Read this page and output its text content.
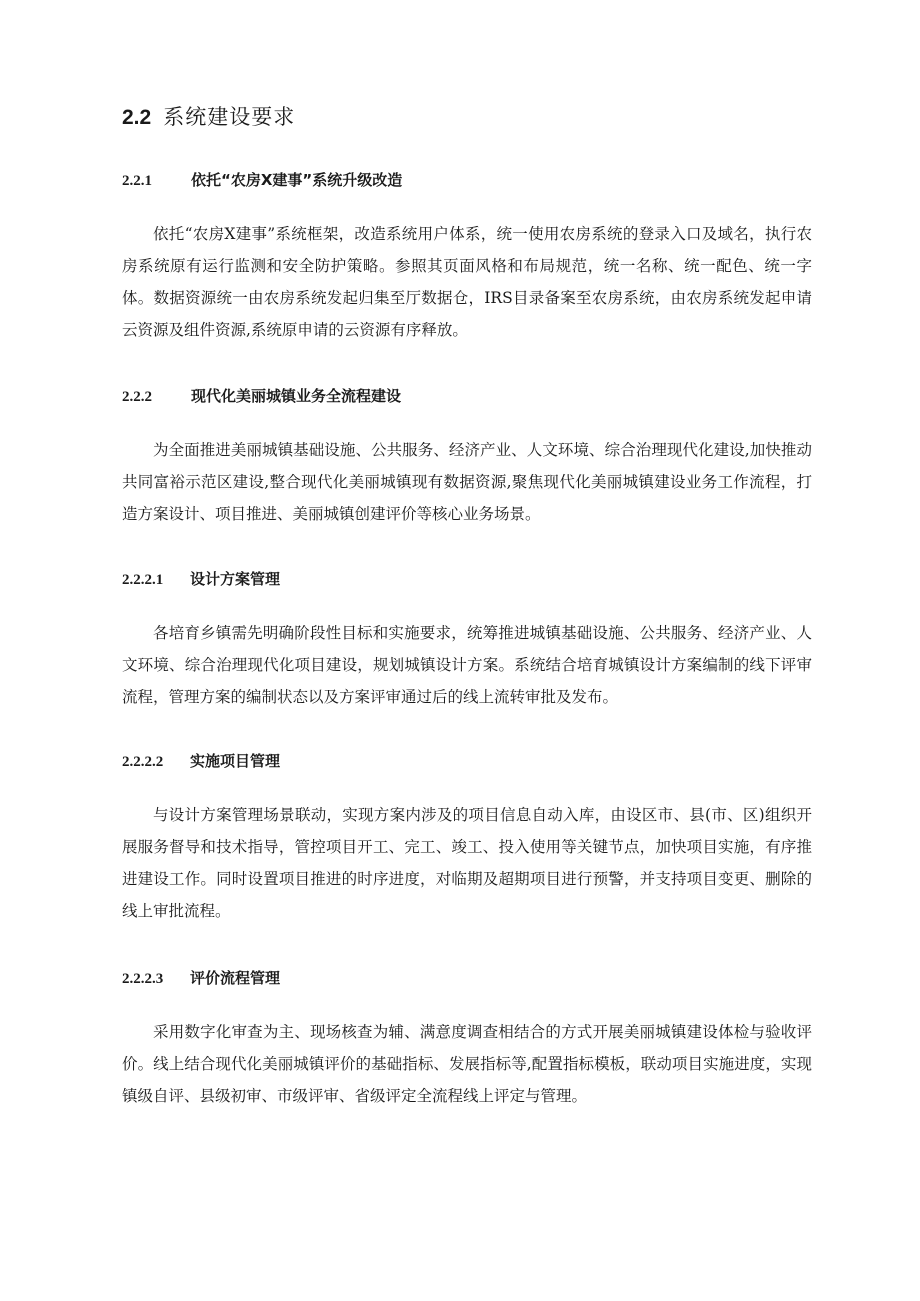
2.2 系统建设要求
2.2.1	依托“农房X建事”系统升级改造

依托“农房X建事”系统框架，改造系统用户体系，统一使用农房系统的登录入口及域名，执行农房系统原有运行监测和安全防护策略。参照其页面风格和布局规范，统一名称、统一配色、统一字体。数据资源统一由农房系统发起归集至厅数据仓，IRS目录备案至农房系统，由农房系统发起申请云资源及组件资源,系统原申请的云资源有序释放。

2.2.2	现代化美丽城镇业务全流程建设

为全面推进美丽城镇基础设施、公共服务、经济产业、人文环境、综合治理现代化建设,加快推动共同富裕示范区建设,整合现代化美丽城镇现有数据资源,聚焦现代化美丽城镇建设业务工作流程，打造方案设计、项目推进、美丽城镇创建评价等核心业务场景。

2.2.2.1 设计方案管理

各培育乡镇需先明确阶段性目标和实施要求，统筹推进城镇基础设施、公共服务、经济产业、人文环境、综合治理现代化项目建设，规划城镇设计方案。系统结合培育城镇设计方案编制的线下评审流程，管理方案的编制状态以及方案评审通过后的线上流转审批及发布。

2.2.2.2 实施项目管理

与设计方案管理场景联动，实现方案内涉及的项目信息自动入库，由设区市、县(市、区)组织开展服务督导和技术指导，管控项目开工、完工、竣工、投入使用等关键节点，加快项目实施，有序推进建设工作。同时设置项目推进的时序进度，对临期及超期项目进行预警，并支持项目变更、删除的线上审批流程。

2.2.2.3 评价流程管理

采用数字化审查为主、现场核查为辅、满意度调查相结合的方式开展美丽城镇建设体检与验收评价。线上结合现代化美丽城镇评价的基础指标、发展指标等,配置指标模板，联动项目实施进度，实现镇级自评、县级初审、市级评审、省级评定全流程线上评定与管理。
